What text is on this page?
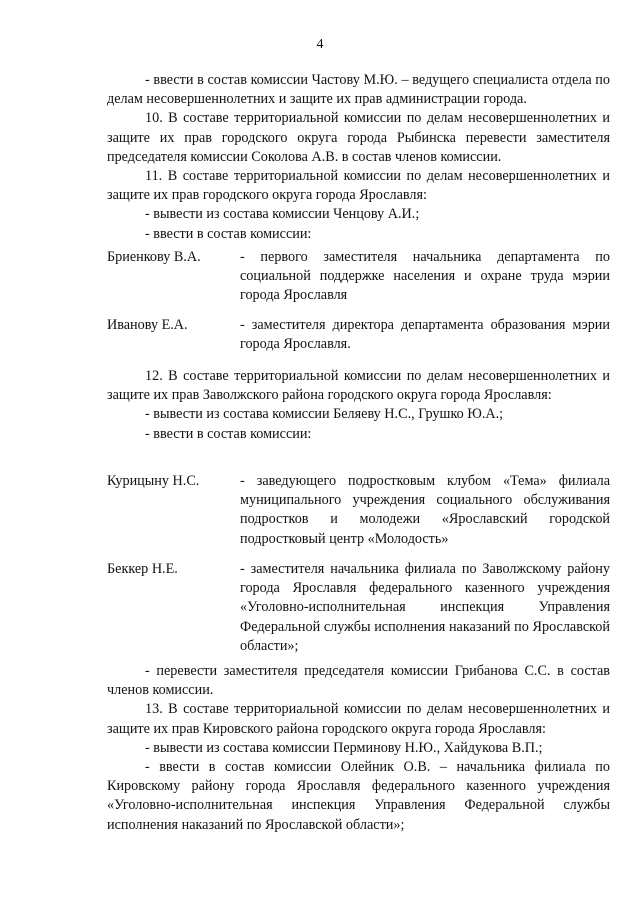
4

- ввести в состав комиссии Частову М.Ю. – ведущего специалиста отдела по делам несовершеннолетних и защите их прав администрации города.

10. В составе территориальной комиссии по делам несовершеннолетних и защите их прав городского округа города Рыбинска перевести заместителя председателя комиссии Соколова А.В. в состав членов комиссии.

11. В составе территориальной комиссии по делам несовершеннолетних и защите их прав городского округа города Ярославля:

- вывести из состава комиссии Ченцову А.И.;

- ввести в состав комиссии:

Бриенкову В.А.	- первого заместителя начальника департамента по социальной поддержке населения и охране труда мэрии города Ярославля
Иванову Е.А.	- заместителя директора департамента образования мэрии города Ярославля.

12. В составе территориальной комиссии по делам несовершеннолетних и защите их прав Заволжского района городского округа города Ярославля:

- вывести из состава комиссии Беляеву Н.С., Грушко Ю.А.;

- ввести в состав комиссии:

Курицыну Н.С.	- заведующего подростковым клубом «Тема» филиала муниципального учреждения социального обслуживания подростков и молодежи «Ярославский городской подростковый центр «Молодость»
Беккер Н.Е.	- заместителя начальника филиала по Заволжскому району города Ярославля федерального казенного учреждения «Уголовно-исполнительная инспекция Управления Федеральной службы исполнения наказаний по Ярославской области»;

- перевести заместителя председателя комиссии Грибанова С.С. в состав членов комиссии.

13. В составе территориальной комиссии по делам несовершеннолетних и защите их прав Кировского района городского округа города Ярославля:

- вывести из состава комиссии Перминову Н.Ю., Хайдукова В.П.;

- ввести в состав комиссии Олейник О.В. – начальника филиала по Кировскому району города Ярославля федерального казенного учреждения «Уголовно-исполнительная инспекция Управления Федеральной службы исполнения наказаний по Ярославской области»;
